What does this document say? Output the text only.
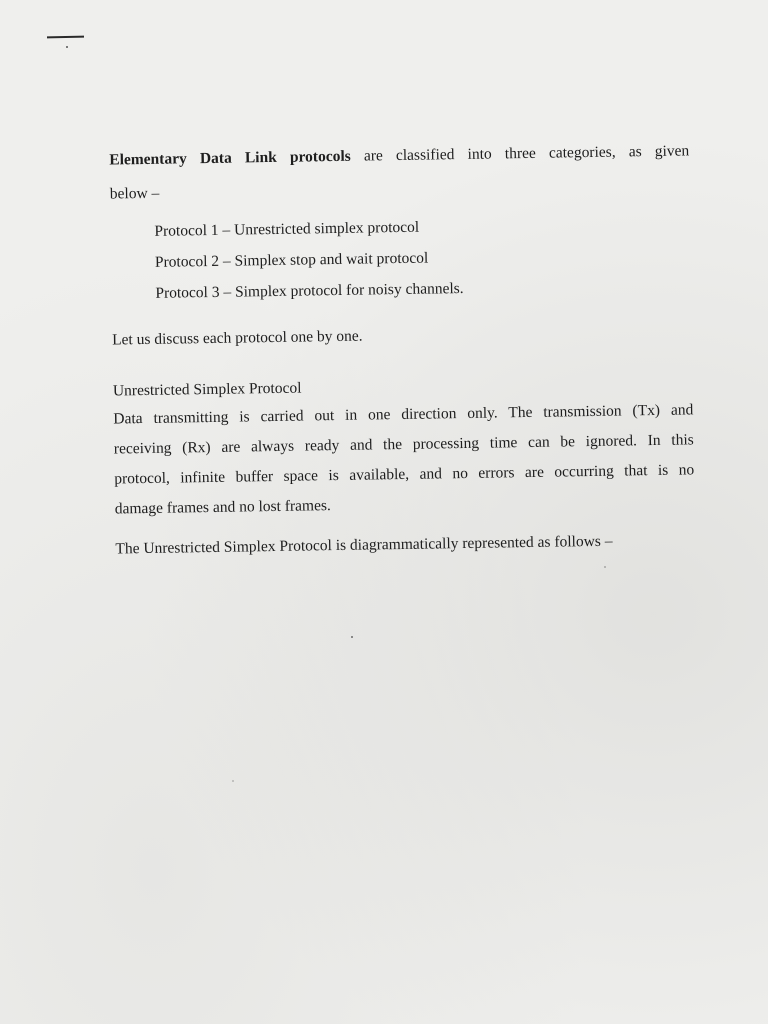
Elementary Data Link protocols are classified into three categories, as given
below –
Protocol 1 – Unrestricted simplex protocol
Protocol 2 – Simplex stop and wait protocol
Protocol 3 – Simplex protocol for noisy channels.
Let us discuss each protocol one by one.
Unrestricted Simplex Protocol
Data transmitting is carried out in one direction only. The transmission (Tx) and
receiving (Rx) are always ready and the processing time can be ignored. In this
protocol, infinite buffer space is available, and no errors are occurring that is no
damage frames and no lost frames.
The Unrestricted Simplex Protocol is diagrammatically represented as follows –
